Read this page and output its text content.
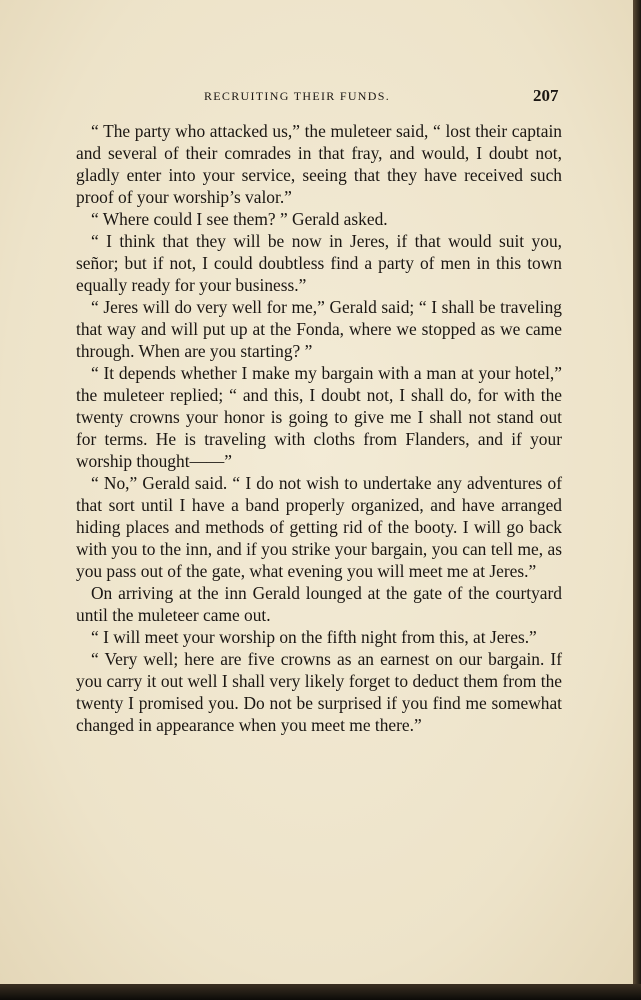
RECRUITING THEIR FUNDS.	207

“ The party who attacked us,” the muleteer said, “ lost their captain and several of their comrades in that fray, and would, I doubt not, gladly enter into your service, seeing that they have received such proof of your worship’s valor.”

“ Where could I see them? ” Gerald asked.

“ I think that they will be now in Jeres, if that would suit you, señor; but if not, I could doubtless find a party of men in this town equally ready for your business.”

“ Jeres will do very well for me,” Gerald said; “ I shall be traveling that way and will put up at the Fonda, where we stopped as we came through. When are you starting? ”

“ It depends whether I make my bargain with a man at your hotel,” the muleteer replied; “ and this, I doubt not, I shall do, for with the twenty crowns your honor is going to give me I shall not stand out for terms. He is traveling with cloths from Flanders, and if your worship thought——”

“ No,” Gerald said. “ I do not wish to undertake any adventures of that sort until I have a band properly organized, and have arranged hiding places and methods of getting rid of the booty. I will go back with you to the inn, and if you strike your bargain, you can tell me, as you pass out of the gate, what evening you will meet me at Jeres.”

On arriving at the inn Gerald lounged at the gate of the courtyard until the muleteer came out.

“ I will meet your worship on the fifth night from this, at Jeres.”

“ Very well; here are five crowns as an earnest on our bargain. If you carry it out well I shall very likely forget to deduct them from the twenty I promised you. Do not be surprised if you find me somewhat changed in appearance when you meet me there.”
